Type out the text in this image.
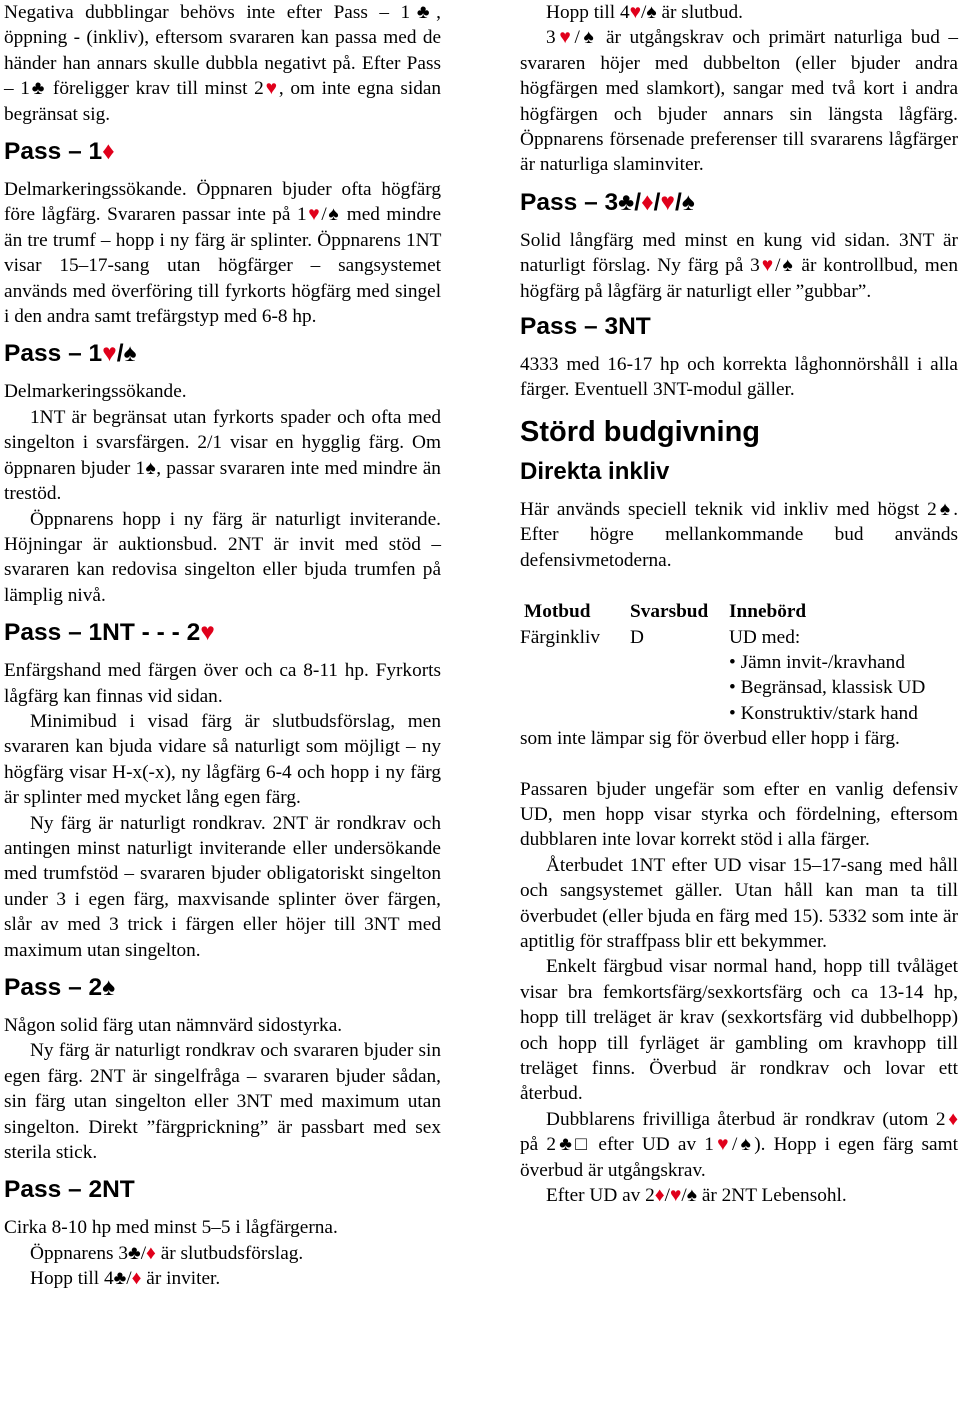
Negativa dubblingar behövs inte efter Pass – 1♣, öppning - (inkliv), eftersom svararen kan passa med de händer han annars skulle dubbla negativt på. Efter Pass – 1♣ föreligger krav till minst 2♥, om inte egna sidan begränsat sig.

Pass – 1♦

Delmarkeringssökande. Öppnaren bjuder ofta högfärg före lågfärg. Svararen passar inte på 1♥/♠ med mindre än tre trumf – hopp i ny färg är splinter. Öppnarens 1NT visar 15–17-sang utan högfärger – sangsystemet används med överföring till fyrkorts högfärg med singel i den andra samt trefärgstyp med 6-8 hp.

Pass – 1♥/♠

Delmarkeringssökande.

1NT är begränsat utan fyrkorts spader och ofta med singelton i svarsfärgen. 2/1 visar en hygglig färg. Om öppnaren bjuder 1♠, passar svararen inte med mindre än trestöd.

Öppnarens hopp i ny färg är naturligt inviterande. Höjningar är auktionsbud. 2NT är invit med stöd – svararen kan redovisa singelton eller bjuda trumfen på lämplig nivå.

Pass – 1NT - - - 2♥

Enfärgshand med färgen över och ca 8-11 hp. Fyrkorts lågfärg kan finnas vid sidan.

Minimibud i visad färg är slutbudsförslag, men svararen kan bjuda vidare så naturligt som möjligt – ny högfärg visar H-x(-x), ny lågfärg 6-4 och hopp i ny färg är splinter med mycket lång egen färg.

Ny färg är naturligt rondkrav. 2NT är rondkrav och antingen minst naturligt inviterande eller undersökande med trumfstöd – svararen bjuder obligatoriskt singelton under 3 i egen färg, maxvisande splinter över färgen, slår av med 3 trick i färgen eller höjer till 3NT med maximum utan singelton.

Pass – 2♠

Någon solid färg utan nämnvärd sidostyrka.

Ny färg är naturligt rondkrav och svararen bjuder sin egen färg. 2NT är singelfråga – svararen bjuder sådan, sin färg utan singelton eller 3NT med maximum utan singelton. Direkt ”färgprickning” är passbart med sex sterila stick.

Pass – 2NT

Cirka 8-10 hp med minst 5–5 i lågfärgerna.

Öppnarens 3♣/♦ är slutbudsförslag.

Hopp till 4♣/♦ är inviter.

Hopp till 4♥/♠ är slutbud.

3♥/♠ är utgångskrav och primärt naturliga bud – svararen höjer med dubbelton (eller bjuder andra högfärgen med slamkort), sangar med två kort i andra högfärgen och bjuder annars sin längsta lågfärg. Öppnarens försenade preferenser till svararens lågfärger är naturliga slaminviter.

Pass – 3♣/♦/♥/♠

Solid långfärg med minst en kung vid sidan. 3NT är naturligt förslag. Ny färg på 3♥/♠ är kontrollbud, men högfärg på lågfärg är naturligt eller ”gubbar”.

Pass – 3NT

4333 med 16-17 hp och korrekta låghonnörshåll i alla färger. Eventuell 3NT-modul gäller.

Störd budgivning
Direkta inkliv

Här används speciell teknik vid inkliv med högst 2♠. Efter högre mellankommande bud används defensivmetoderna.

Motbud	Svarsbud	Innebörd
Färginkliv	D	UD med:
		• Jämn invit-/kravhand
		• Begränsad, klassisk UD
		• Konstruktiv/stark hand

som inte lämpar sig för överbud eller hopp i färg.

Passaren bjuder ungefär som efter en vanlig defensiv UD, men hopp visar styrka och fördelning, eftersom dubblaren inte lovar korrekt stöd i alla färger.

Återbudet 1NT efter UD visar 15–17-sang med håll och sangsystemet gäller. Utan håll kan man ta till överbudet (eller bjuda en färg med 15). 5332 som inte är aptitlig för straffpass blir ett bekymmer.

Enkelt färgbud visar normal hand, hopp till tvåläget visar bra femkortsfärg/sexkortsfärg och ca 13-14 hp, hopp till treläget är krav (sexkortsfärg vid dubbelhopp) och hopp till fyrläget är gambling om kravhopp till treläget finns. Överbud är rondkrav och lovar ett återbud.

Dubblarens frivilliga återbud är rondkrav (utom 2♦ på 2♣□ efter UD av 1♥/♠). Hopp i egen färg samt överbud är utgångskrav.

Efter UD av 2♦/♥/♠ är 2NT Lebensohl.
